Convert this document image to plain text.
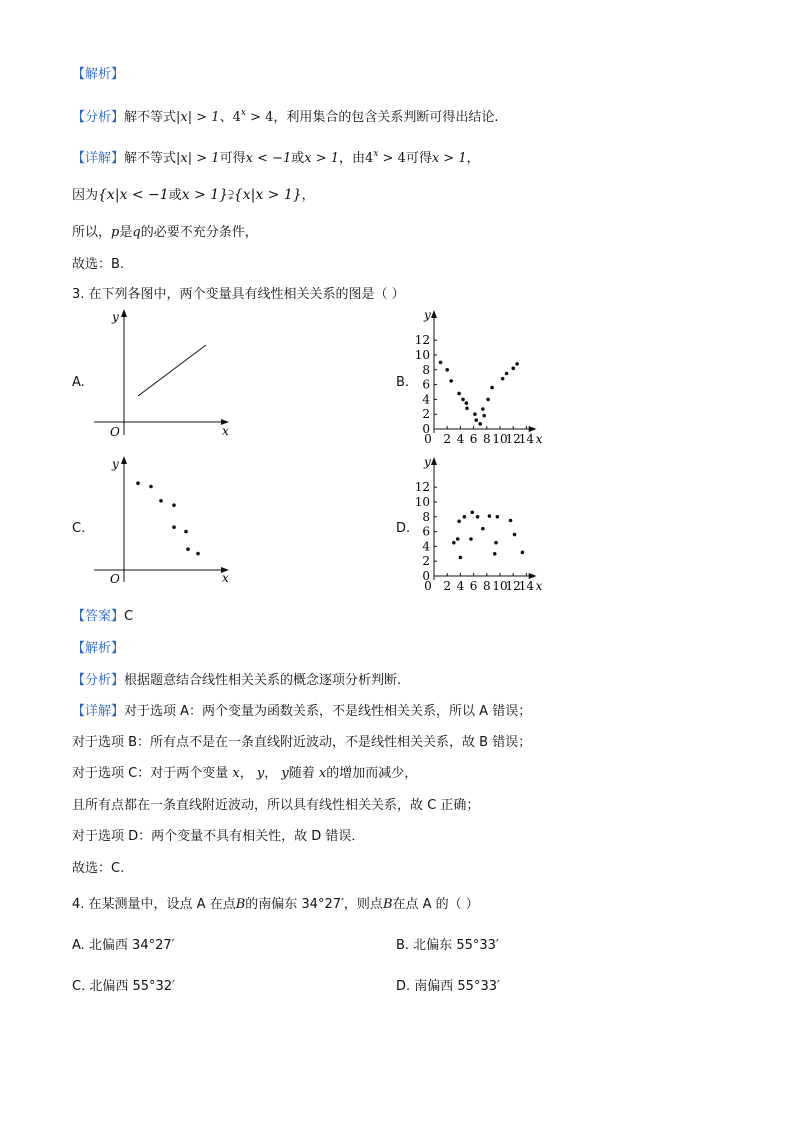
【解析】
【分析】解不等式|x| > 1、$4^x > 4$，利用集合的包含关系判断可得出结论.
【详解】解不等式|x| > 1可得x < −1或x > 1，由$4^x > 4$可得x > 1，
因为{x|x < −1或x > 1}⫌{x|x > 1}，
所以，p是q的必要不充分条件，
故选：B.
3. 在下列各图中，两个变量具有线性相关关系的图是（ ）
A.
y
x
O
B.
y
x
0
2
4
6
8
10
12
0 2 4 6 8 10
12
14
C.
y
x
O
D.
y
x
0
2
4
6
8
10
12
0 2 4 6 8 10
12
14
【答案】C
【解析】
【分析】根据题意结合线性相关关系的概念逐项分析判断.
【详解】对于选项 A：两个变量为函数关系，不是线性相关关系，所以 A 错误；
对于选项 B：所有点不是在一条直线附近波动，不是线性相关关系，故 B 错误；
对于选项 C：对于两个变量 x， y， y随着 x的增加而减少，
且所有点都在一条直线附近波动，所以具有线性相关关系，故 C 正确；
对于选项 D：两个变量不具有相关性，故 D 错误．
故选：C.
4. 在某测量中，设点 A 在点B的南偏东 34°27′，则点B在点 A 的（ ）
A. 北偏西 34°27′	B. 北偏东 55°33′
C. 北偏西 55°32′	D. 南偏西 55°33′
